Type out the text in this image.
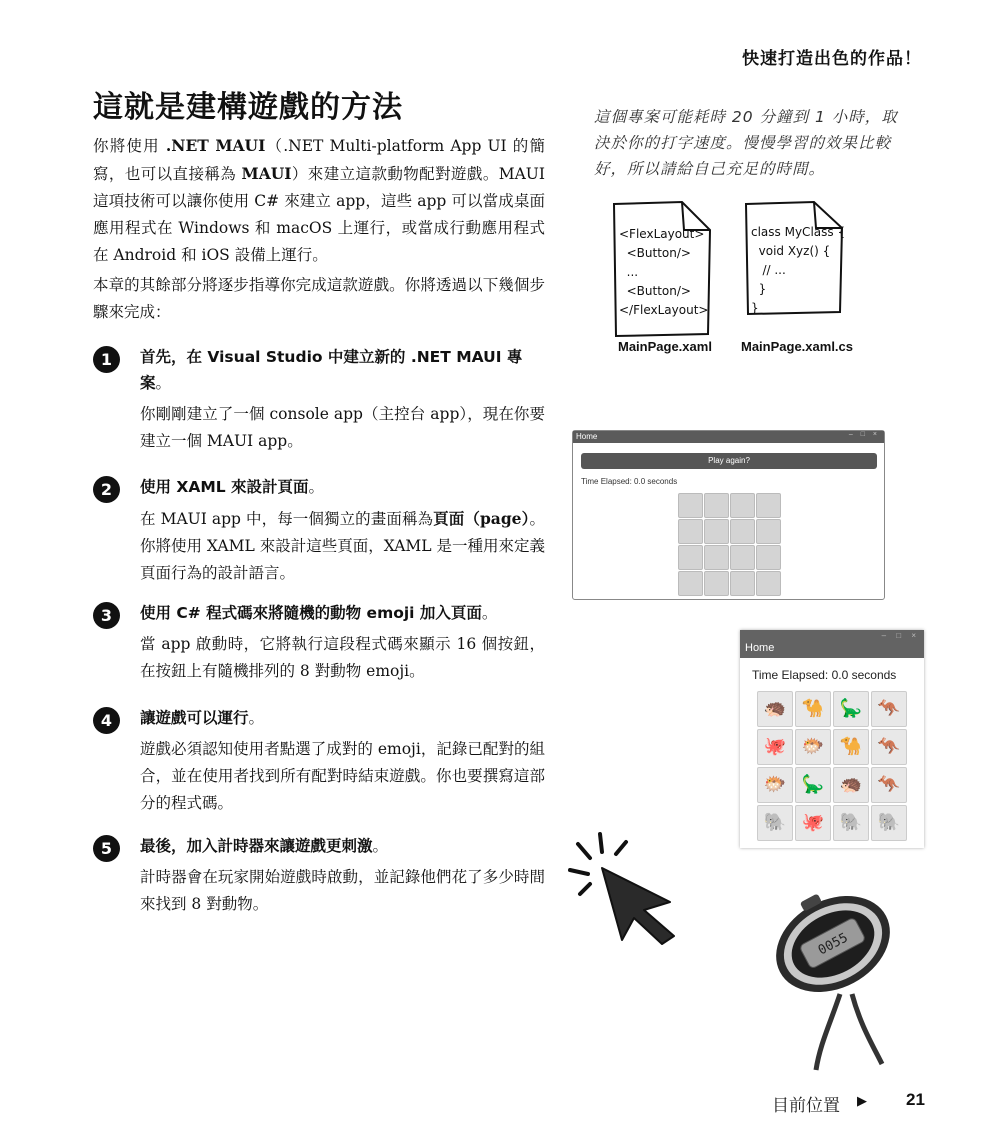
快速打造出色的作品！
這就是建構遊戲的方法

你將使用 .NET MAUI（.NET Multi-platform App UI 的簡寫，也可以直接稱為 MAUI）來建立這款動物配對遊戲。MAUI 這項技術可以讓你使用 C# 來建立 app，這些 app 可以當成桌面應用程式在 Windows 和 macOS 上運行，或當成行動應用程式在 Android 和 iOS 設備上運行。

本章的其餘部分將逐步指導你完成這款遊戲。你將透過以下幾個步驟來完成：

1	首先，在 Visual Studio 中建立新的 .NET MAUI 專案。
你剛剛建立了一個 console app（主控台 app），現在你要建立一個 MAUI app。
2	使用 XAML 來設計頁面。
在 MAUI app 中，每一個獨立的畫面稱為頁面（page）。你將使用 XAML 來設計這些頁面，XAML 是一種用來定義頁面行為的設計語言。
3	使用 C# 程式碼來將隨機的動物 emoji 加入頁面。
當 app 啟動時，它將執行這段程式碼來顯示 16 個按鈕，在按鈕上有隨機排列的 8 對動物 emoji。
4	讓遊戲可以運行。
遊戲必須認知使用者點選了成對的 emoji，記錄已配對的組合，並在使用者找到所有配對時結束遊戲。你也要撰寫這部分的程式碼。
5	最後，加入計時器來讓遊戲更刺激。
計時器會在玩家開始遊戲時啟動，並記錄他們花了多少時間來找到 8 對動物。
這個專案可能耗時 20 分鐘到 1 小時，取決於你的打字速度。慢慢學習的效果比較好，所以請給自己充足的時間。
<FlexLayout>
<Button/>
...
<Button/>
</FlexLayout>
MainPage.xaml
class MyClass {
void Xyz() {
// ...
}
}
MainPage.xaml.cs
Home	– □ ×
Play again?
Time Elapsed: 0.0 seconds
Home
– □ ×
Time Elapsed: 0.0 seconds
🦔 🐪 🦕 🦘
🐙 🐡 🐪 🦘
🐡 🦕 🦔 🦘
🐘 🐙 🐘 🐘
0055
目前位置 ▶ 21
